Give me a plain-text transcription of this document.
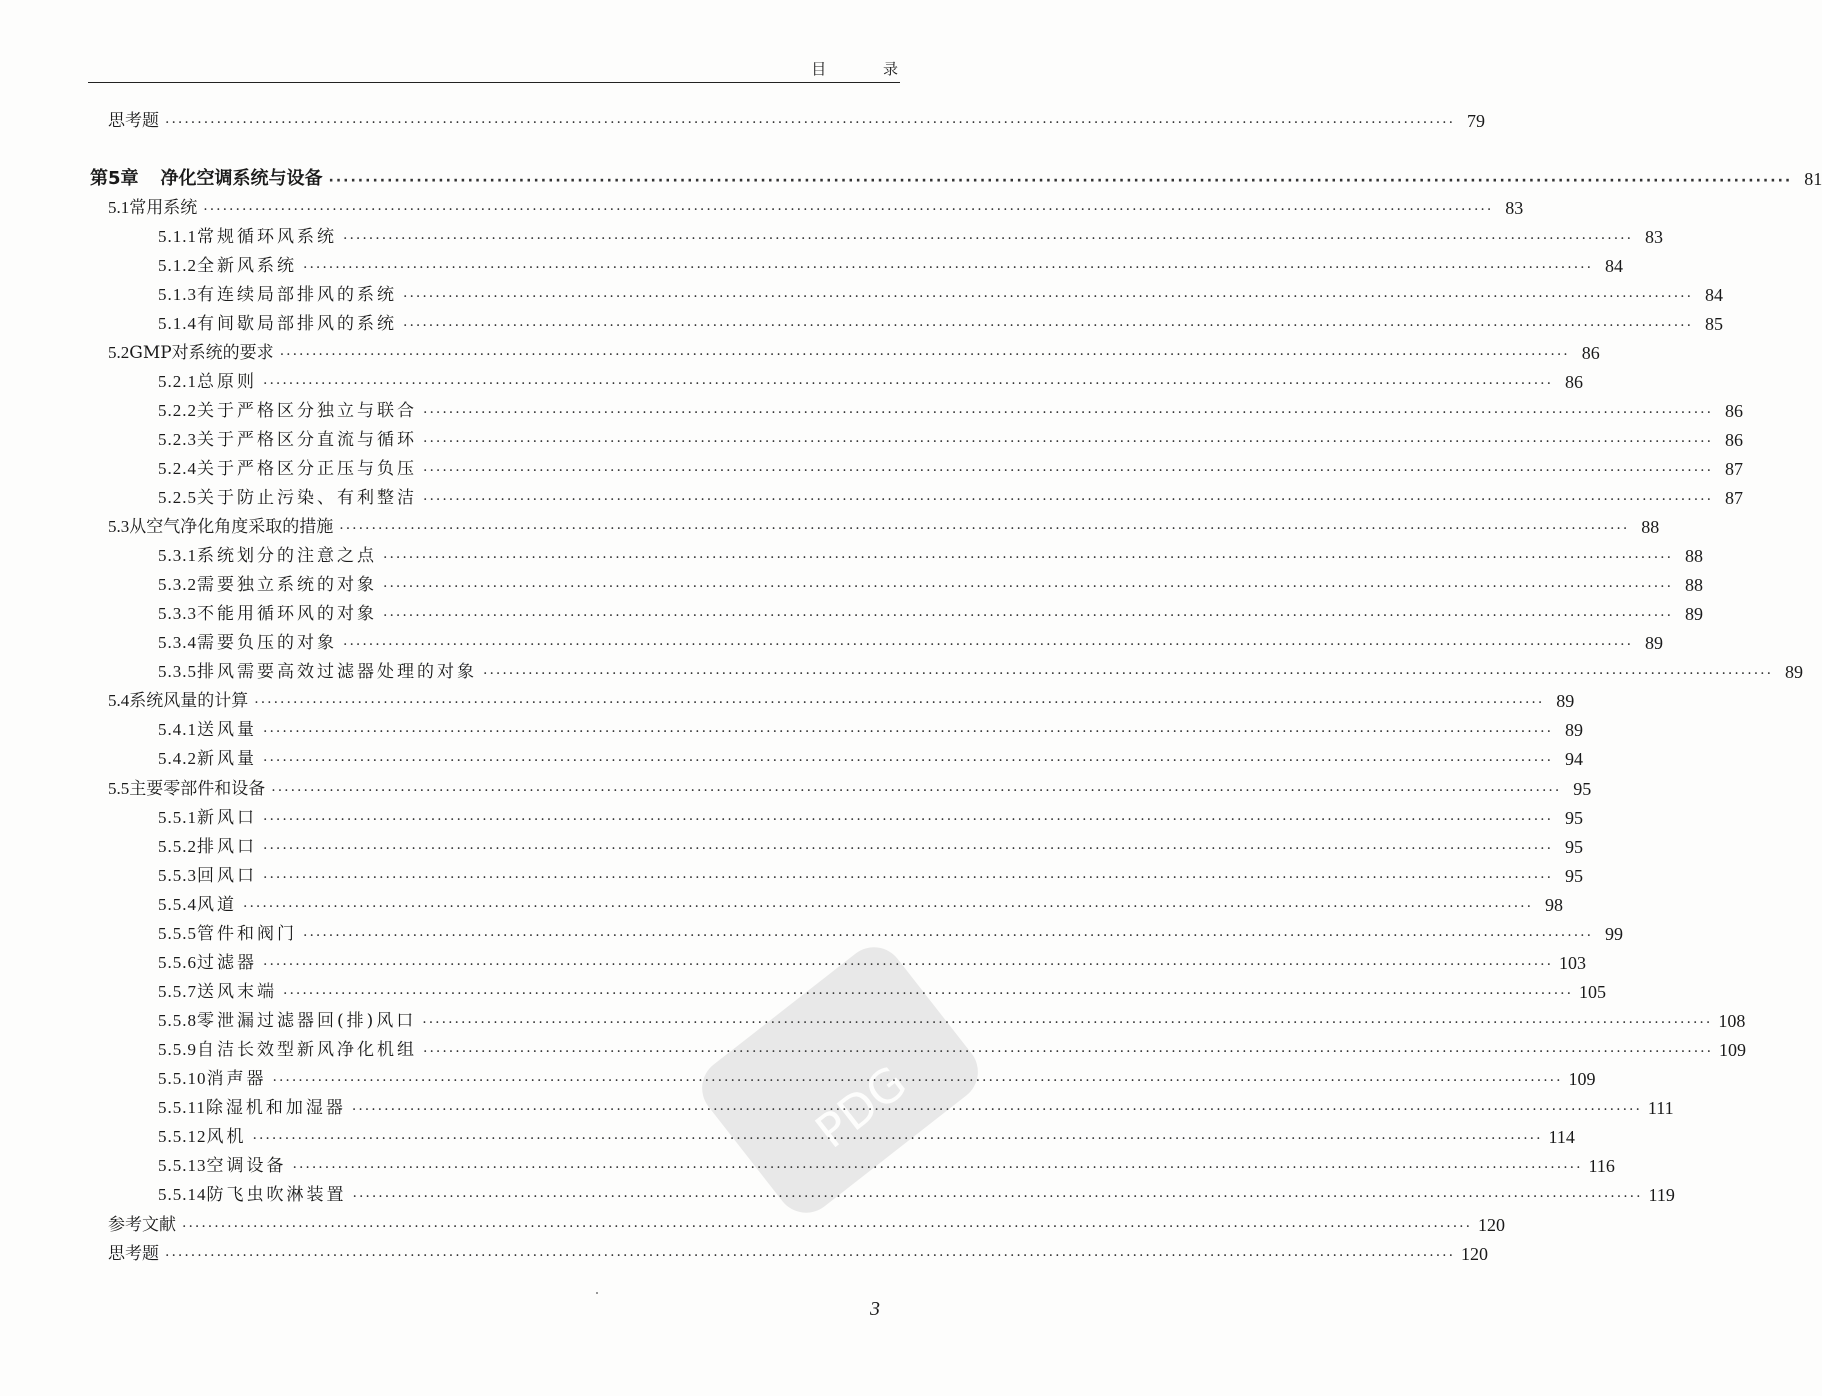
目 录
思考题 ········································································································································································································ 79
第5章 净化空调系统与设备 ········································································································································································································ 81
5.1 常用系统 ········································································································································································································ 83
5.1.1 常规循环风系统 ········································································································································································································ 83
5.1.2 全新风系统 ········································································································································································································ 84
5.1.3 有连续局部排风的系统 ········································································································································································································ 84
5.1.4 有间歇局部排风的系统 ········································································································································································································ 85
5.2 GMP对系统的要求 ········································································································································································································ 86
5.2.1 总原则 ········································································································································································································ 86
5.2.2 关于严格区分独立与联合 ········································································································································································································ 86
5.2.3 关于严格区分直流与循环 ········································································································································································································ 86
5.2.4 关于严格区分正压与负压 ········································································································································································································ 87
5.2.5 关于防止污染、有利整洁 ········································································································································································································ 87
5.3 从空气净化角度采取的措施 ········································································································································································································ 88
5.3.1 系统划分的注意之点 ········································································································································································································ 88
5.3.2 需要独立系统的对象 ········································································································································································································ 88
5.3.3 不能用循环风的对象 ········································································································································································································ 89
5.3.4 需要负压的对象 ········································································································································································································ 89
5.3.5 排风需要高效过滤器处理的对象 ········································································································································································································ 89
5.4 系统风量的计算 ········································································································································································································ 89
5.4.1 送风量 ········································································································································································································ 89
5.4.2 新风量 ········································································································································································································ 94
5.5 主要零部件和设备 ········································································································································································································ 95
5.5.1 新风口 ········································································································································································································ 95
5.5.2 排风口 ········································································································································································································ 95
5.5.3 回风口 ········································································································································································································ 95
5.5.4 风道 ········································································································································································································ 98
5.5.5 管件和阀门 ········································································································································································································ 99
5.5.6 过滤器 ········································································································································································································ 103
5.5.7 送风末端 ········································································································································································································ 105
5.5.8 零泄漏过滤器回(排)风口 ········································································································································································································ 108
5.5.9 自洁长效型新风净化机组 ········································································································································································································ 109
5.5.10 消声器 ········································································································································································································ 109
5.5.11 除湿机和加湿器 ········································································································································································································ 111
5.5.12 风机 ········································································································································································································ 114
5.5.13 空调设备 ········································································································································································································ 116
5.5.14 防飞虫吹淋装置 ········································································································································································································ 119
参考文献 ········································································································································································································ 120
思考题 ········································································································································································································ 120
3
PDG
